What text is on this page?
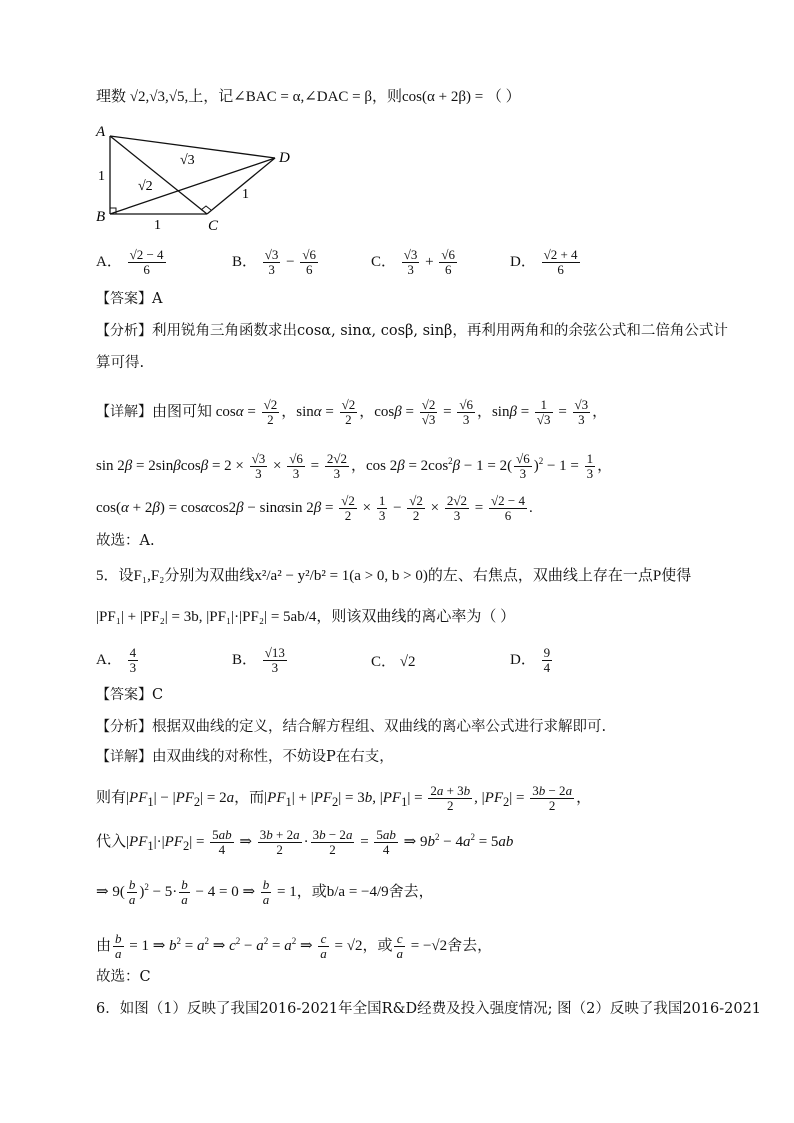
理数 √2,√3,√5,上，记∠BAC = α,∠DAC = β，则cos(α + 2β) = （ ）
A
B
C
D
1
1
1
√2
√3
A． $\frac{√2 - 4}{6}$	B． $\frac{√3}{3} - \frac{√6}{6}$	C． $\frac{√3}{3} + \frac{√6}{6}$	D． $\frac{√2 + 4}{6}$
【答案】A
【分析】利用锐角三角函数求出cosα, sinα, cosβ, sinβ，再利用两角和的余弦公式和二倍角公式计
算可得.
【详解】由图可知 $\cos\alpha = \frac{√2}{2}$ ，$\sin\alpha = \frac{√2}{2}$ ，$\cos\beta = \frac{√2}{√3} = \frac{√6}{3}$ ，$\sin\beta = \frac{1}{√3} = \frac{√3}{3}$ ，
$\sin 2\beta = 2\sin\beta\cos\beta = 2 \times \frac{√3}{3} \times \frac{√6}{3} = \frac{2√2}{3}$ ，$\cos 2\beta = 2\cos^2\beta - 1 = 2( \frac{√6}{3} )^2 - 1 = \frac{1}{3}$ ，
cos(α + 2β) = cosαcos2β − sinαsin $2\beta = \frac{√2}{2} \times \frac{1}{3} - \frac{√2}{2} \times \frac{2√2}{3} = \frac{√2 - 4}{6}$ .
故选：A.
5．设F₁,F₂分别为双曲线x²/a² − y²/b² = 1(a > 0, b > 0)的左、右焦点，双曲线上存在一点P使得
|PF₁| + |PF₂| = 3b, |PF₁|·|PF₂| = 5ab/4，则该双曲线的离心率为（ ）
A． $\frac{4}{3}$	B． $\frac{√13}{3}$	C． √2	D． $\frac{9}{4}$
【答案】C
【分析】根据双曲线的定义，结合解方程组、双曲线的离心率公式进行求解即可.
【详解】由双曲线的对称性，不妨设P在右支，
则有$|PF_1| - |PF_2| = 2a$，而$|PF_1| + |PF_2| = 3b$, $|PF_1| = \frac{2a + 3b}{2}$ , $|PF_2| = \frac{3b - 2a}{2}$ ，
代入$|PF_1|\cdot|PF_2| = \frac{5ab}{4}$ ⇒ $\frac{3b + 2a}{2} \cdot \frac{3b - 2a}{2} = \frac{5ab}{4}$ ⇒ $9b^2 - 4a^2 = 5ab$
⇒ $9( \frac{b}{a} )^2 - 5\cdot \frac{b}{a} - 4 = 0$ ⇒ $\frac{b}{a} = 1$，或b/a = −4/9舍去，
由 $\frac{b}{a} = 1$ ⇒ $b^2 = a^2$ ⇒ $c^2 - a^2 = a^2$ ⇒ $\frac{c}{a} = √2$，或 $\frac{c}{a} = -√2$舍去，
故选：C
6．如图（1）反映了我国2016-2021年全国R&D经费及投入强度情况; 图（2）反映了我国2016-2021
